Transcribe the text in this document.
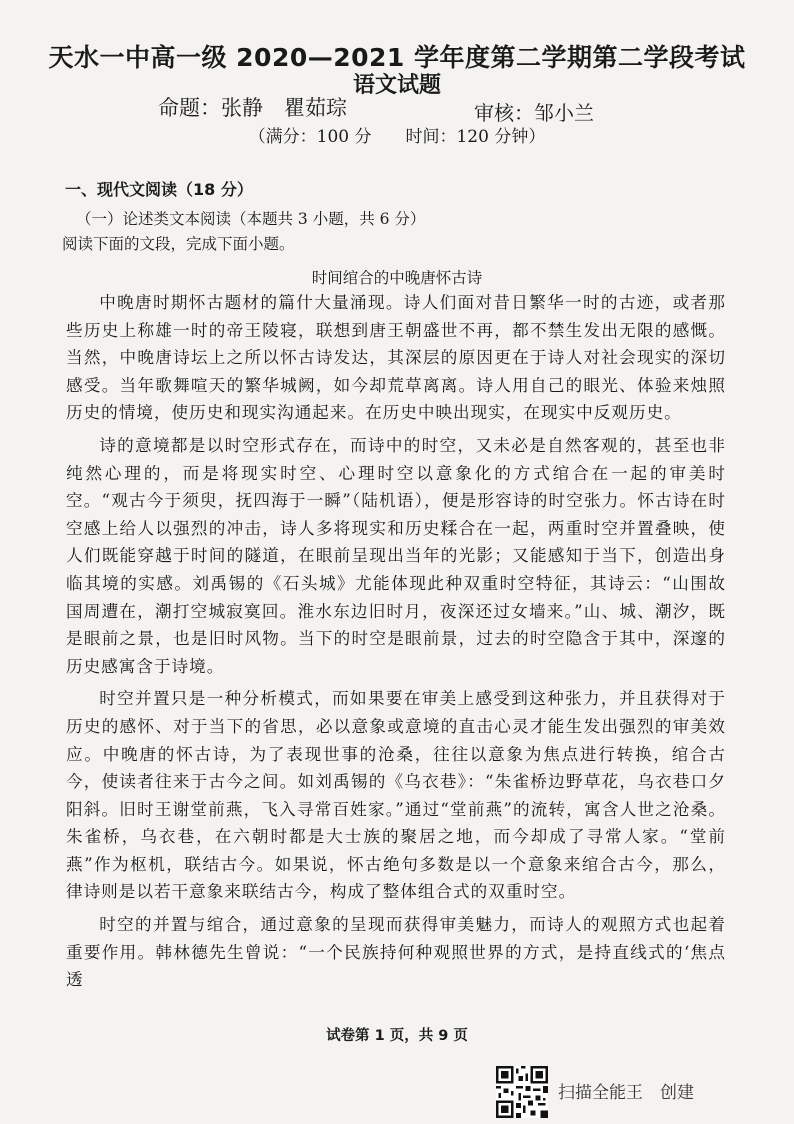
天水一中高一级 2020—2021 学年度第二学期第二学段考试
语文试题
命题：张静　瞿茹琮	审核：邹小兰
（满分：100 分　　时间：120 分钟）
一、现代文阅读（18 分）
（一）论述类文本阅读（本题共 3 小题，共 6 分）
阅读下面的文段，完成下面小题。
时间绾合的中晚唐怀古诗

中晚唐时期怀古题材的篇什大量涌现。诗人们面对昔日繁华一时的古迹，或者那些历史上称雄一时的帝王陵寝，联想到唐王朝盛世不再，都不禁生发出无限的感慨。当然，中晚唐诗坛上之所以怀古诗发达，其深层的原因更在于诗人对社会现实的深切感受。当年歌舞喧天的繁华城阙，如今却荒草离离。诗人用自己的眼光、体验来烛照历史的情境，使历史和现实沟通起来。在历史中映出现实，在现实中反观历史。

诗的意境都是以时空形式存在，而诗中的时空，又未必是自然客观的，甚至也非纯然心理的，而是将现实时空、心理时空以意象化的方式绾合在一起的审美时空。“观古今于须臾，抚四海于一瞬”（陆机语），便是形容诗的时空张力。怀古诗在时空感上给人以强烈的冲击，诗人多将现实和历史糅合在一起，两重时空并置叠映，使人们既能穿越于时间的隧道，在眼前呈现出当年的光影；又能感知于当下，创造出身临其境的实感。刘禹锡的《石头城》尤能体现此种双重时空特征，其诗云：“山围故国周遭在，潮打空城寂寞回。淮水东边旧时月，夜深还过女墙来。”山、城、潮汐，既是眼前之景，也是旧时风物。当下的时空是眼前景，过去的时空隐含于其中，深邃的历史感寓含于诗境。

时空并置只是一种分析模式，而如果要在审美上感受到这种张力，并且获得对于历史的感怀、对于当下的省思，必以意象或意境的直击心灵才能生发出强烈的审美效应。中晚唐的怀古诗，为了表现世事的沧桑，往往以意象为焦点进行转换，绾合古今，使读者往来于古今之间。如刘禹锡的《乌衣巷》：“朱雀桥边野草花，乌衣巷口夕阳斜。旧时王谢堂前燕，飞入寻常百姓家。”通过“堂前燕”的流转，寓含人世之沧桑。朱雀桥，乌衣巷，在六朝时都是大士族的聚居之地，而今却成了寻常人家。“堂前燕”作为枢机，联结古今。如果说，怀古绝句多数是以一个意象来绾合古今，那么，律诗则是以若干意象来联结古今，构成了整体组合式的双重时空。

时空的并置与绾合，通过意象的呈现而获得审美魅力，而诗人的观照方式也起着重要作用。韩林德先生曾说：“一个民族持何种观照世界的方式，是持直线式的‘焦点透

试卷第 1 页，共 9 页
扫描全能王　创建
